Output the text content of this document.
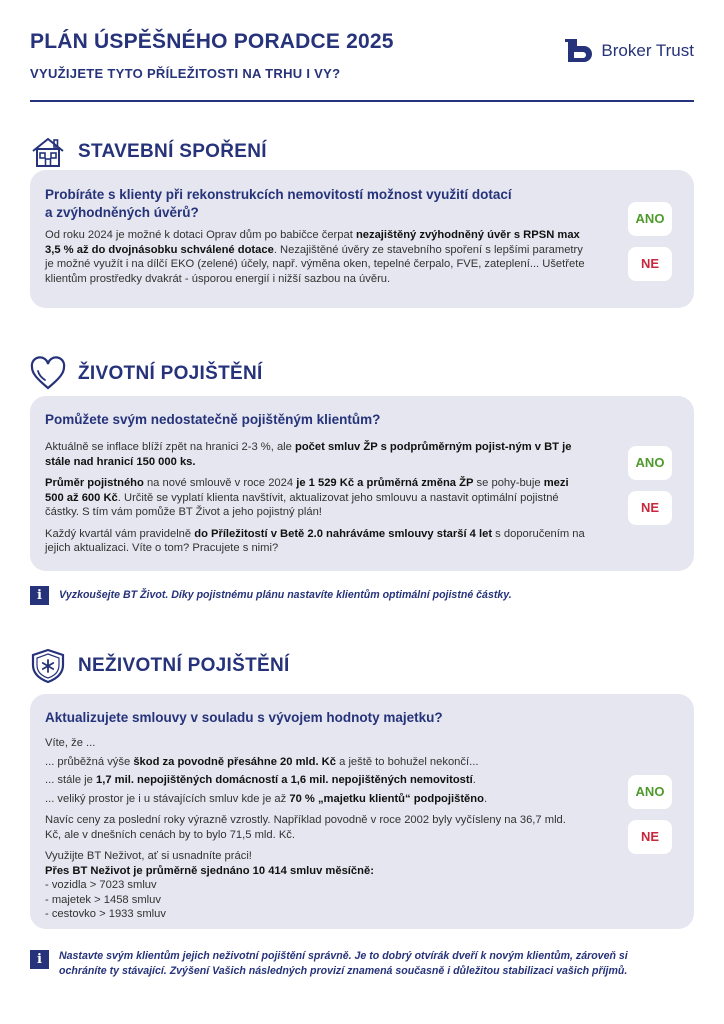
PLÁN ÚSPĚŠNÉHO PORADCE 2025
VYUŽIJETE TYTO PŘÍLEŽITOSTI NA TRHU I VY?
Broker Trust
STAVEBNÍ SPOŘENÍ
Probíráte s klienty při rekonstrukcích nemovitostí možnost využití dotací
a zvýhodněných úvěrů?

Od roku 2024 je možné k dotaci Oprav dům po babičce čerpat nezajištěný zvýhodněný úvěr s RPSN max 3,5 % až do dvojnásobku schválené dotace. Nezajištěné úvěry ze stavebního spoření s lepšími parametry je možné využít i na dílčí EKO (zelené) účely, např. výměna oken, tepelné čerpalo, FVE, zateplení... Ušetřete klientům prostředky dvakrát - úsporou energií i nižší sazbou na úvěru.

ANO
NE
ŽIVOTNÍ POJIŠTĚNÍ
Pomůžete svým nedostatečně pojištěným klientům?

Aktuálně se inflace blíží zpět na hranici 2-3 %, ale počet smluv ŽP s podprůměrným pojist-ným v BT je stále nad hranicí 150 000 ks.

Průměr pojistného na nové smlouvě v roce 2024 je 1 529 Kč a průměrná změna ŽP se pohy-buje mezi 500 až 600 Kč. Určitě se vyplatí klienta navštívit, aktualizovat jeho smlouvu a nastavit optimální pojistné částky. S tím vám pomůže BT Život a jeho pojistný plán!

Každý kvartál vám pravidelně do Příležitostí v Betě 2.0 nahráváme smlouvy starší 4 let s doporučením na jejich aktualizaci. Víte o tom? Pracujete s nimi?

ANO
NE
i	Vyzkoušejte BT Život. Díky pojistnému plánu nastavíte klientům optimální pojistné částky.
NEŽIVOTNÍ POJIŠTĚNÍ
Aktualizujete smlouvy v souladu s vývojem hodnoty majetku?
Víte, že ...
... průběžná výše škod za povodně přesáhne 20 mld. Kč a ještě to bohužel nekončí...
... stále je 1,7 mil. nepojištěných domácností a 1,6 mil. nepojištěných nemovitostí.
... veliký prostor je i u stávajících smluv kde je až 70 % „majetku klientů“ podpojištěno.

Navíc ceny za poslední roky výrazně vzrostly. Například povodně v roce 2002 byly vyčísleny na 36,7 mld. Kč, ale v dnešních cenách by to bylo 71,5 mld. Kč.

Využijte BT Neživot, ať si usnadníte práci!
Přes BT Neživot je průměrně sjednáno 10 414 smluv měsíčně:
- vozidla > 7023 smluv
- majetek > 1458 smluv
- cestovko > 1933 smluv
ANO
NE
i	Nastavte svým klientům jejich neživotní pojištění správně. Je to dobrý otvírák dveří k novým klientům, zároveň si
ochráníte ty stávající. Zvýšení Vašich následných provizí znamená současně i důležitou stabilizaci vašich příjmů.
